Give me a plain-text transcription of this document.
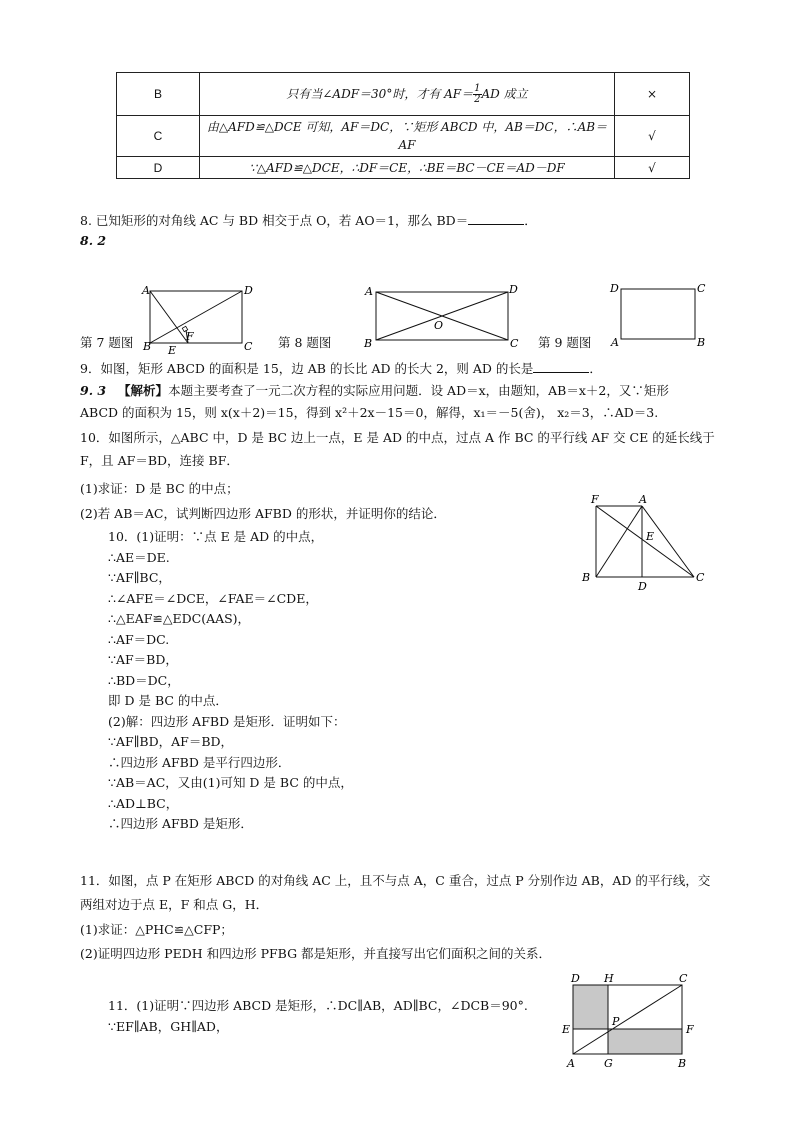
B	只有当∠ADF＝30°时，才有 $AF= \frac{1}{2}$ AD 成立	×
C	由△AFD≌△DCE 可知，AF＝DC，∵矩形 ABCD 中，AB＝DC，∴AB＝AF	√
D	∵△AFD≌△DCE，∴DF＝CE，∴BE＝BC－CE＝AD－DF	√
8. 已知矩形的对角线 AC 与 BD 相交于点 O，若 AO＝1，那么 BD＝	．
8. 2
A	D
B E
F
C
第 7 题图
A	D
O
B	C
第 8 题图
D	C
A	B
第 9 题图
9．如图，矩形 ABCD 的面积是 15，边 AB 的长比 AD 的长大 2，则 AD 的长是	．
9. 3 【解析】本题主要考查了一元二次方程的实际应用问题．设 AD＝x，由题知，AB＝x＋2，又∵矩形
ABCD 的面积为 15，则 x(x＋2)＝15，得到 x²＋2x－15＝0，解得，x₁＝－5(舍)， x₂＝3，∴AD＝3.
10．如图所示，△ABC 中，D 是 BC 边上一点，E 是 AD 的中点，过点 A 作 BC 的平行线 AF 交 CE 的延长线于
F，且 AF＝BD，连接 BF．
(1)求证：D 是 BC 的中点；
(2)若 AB＝AC，试判断四边形 AFBD 的形状，并证明你的结论．
10．(1)证明：∵点 E 是 AD 的中点，
∴AE＝DE.
∵AF∥BC，
∴∠AFE＝∠DCE，∠FAE＝∠CDE，
∴△EAF≌△EDC(AAS)，
∴AF＝DC.
∵AF＝BD，
∴BD＝DC，
即 D 是 BC 的中点．
(2)解：四边形 AFBD 是矩形．证明如下：
∵AF∥BD，AF＝BD，
∴四边形 AFBD 是平行四边形．
∵AB＝AC，又由(1)可知 D 是 BC 的中点，
∴AD⊥BC，
∴四边形 AFBD 是矩形．
F	A
E
B
D
C
11．如图，点 P 在矩形 ABCD 的对角线 AC 上，且不与点 A，C 重合，过点 P 分别作边 AB，AD 的平行线，交
两组对边于点 E，F 和点 G，H．
(1)求证：△PHC≌△CFP；
(2)证明四边形 PEDH 和四边形 PFBG 都是矩形，并直接写出它们面积之间的关系．
11．(1)证明∵四边形 ABCD 是矩形，∴DC∥AB，AD∥BC，∠DCB＝90°.
∵EF∥AB，GH∥AD，
D H	C
E
P
F
A	G	B
